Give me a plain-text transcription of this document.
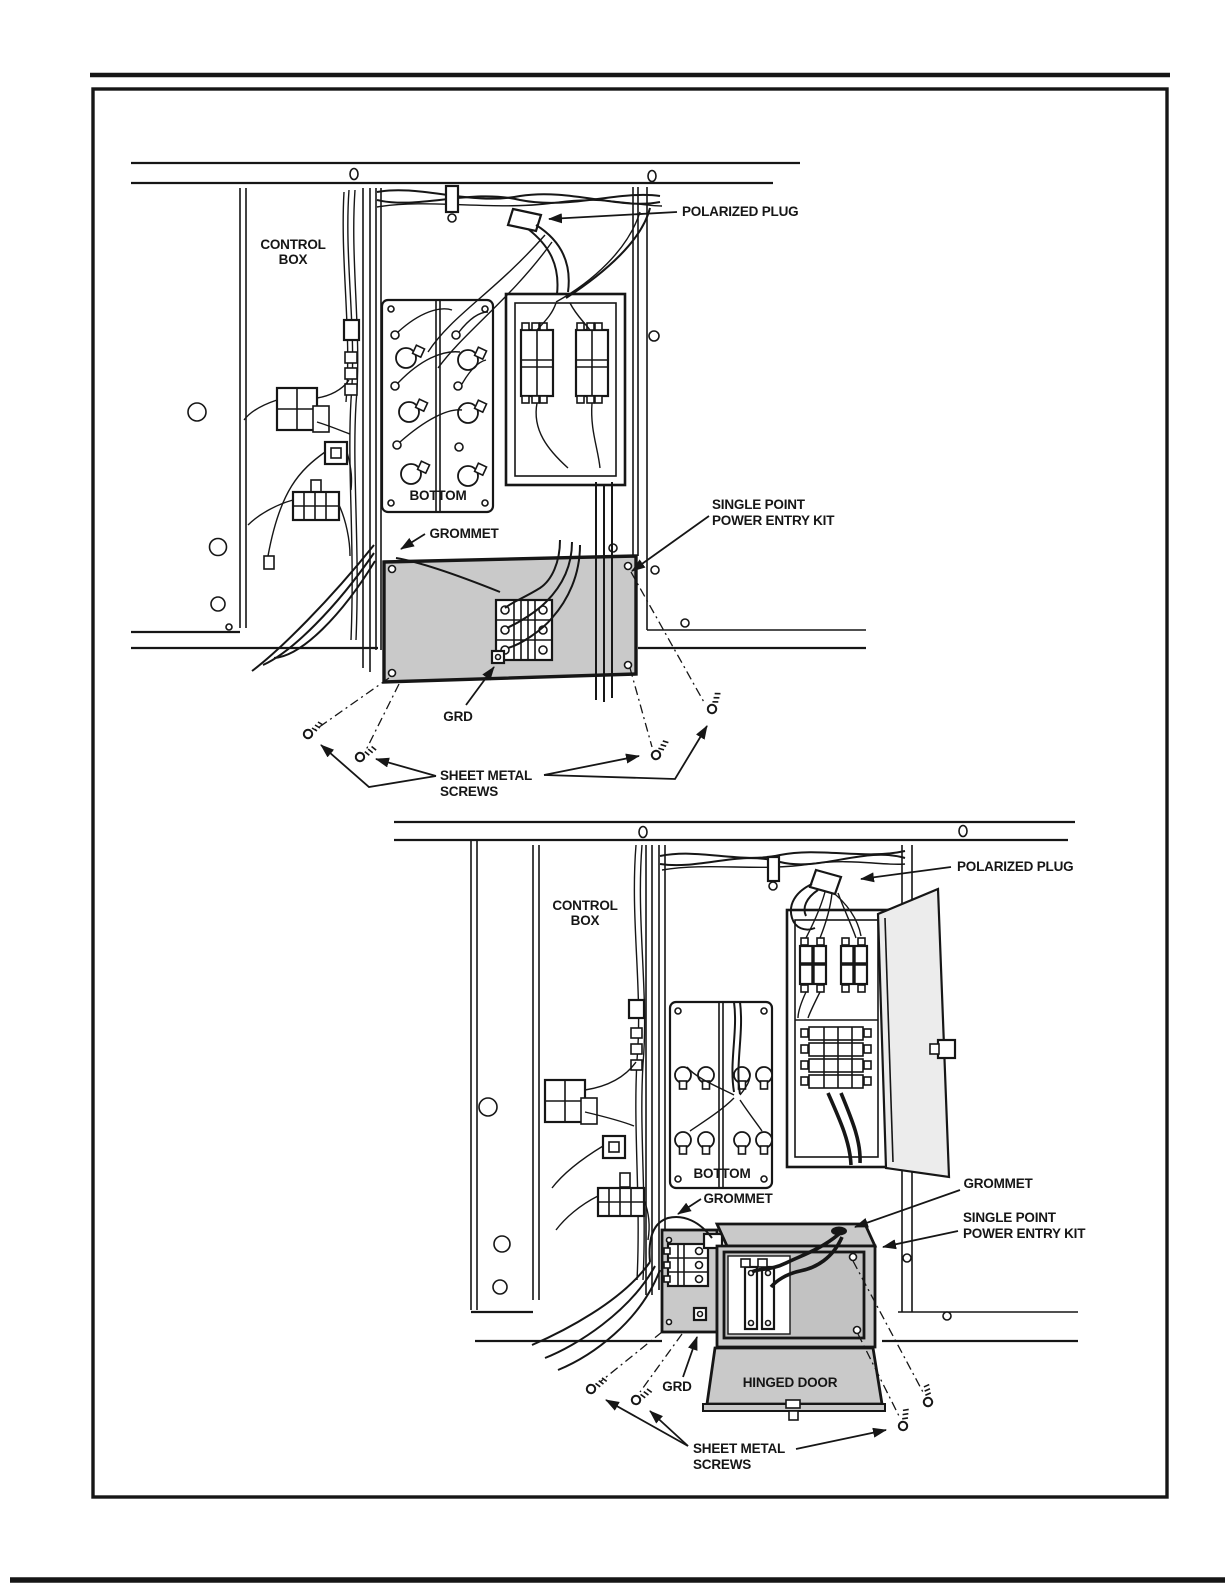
CONTROL
BOX
POLARIZED PLUG
BOTTOM
GROMMET
SINGLE POINT
POWER ENTRY KIT
GRD
SHEET METAL
SCREWS
CONTROL
BOX
POLARIZED PLUG
BOTTOM
GROMMET
GROMMET
SINGLE POINT
POWER ENTRY KIT
GRD	HINGED DOOR
SHEET METAL
SCREWS
